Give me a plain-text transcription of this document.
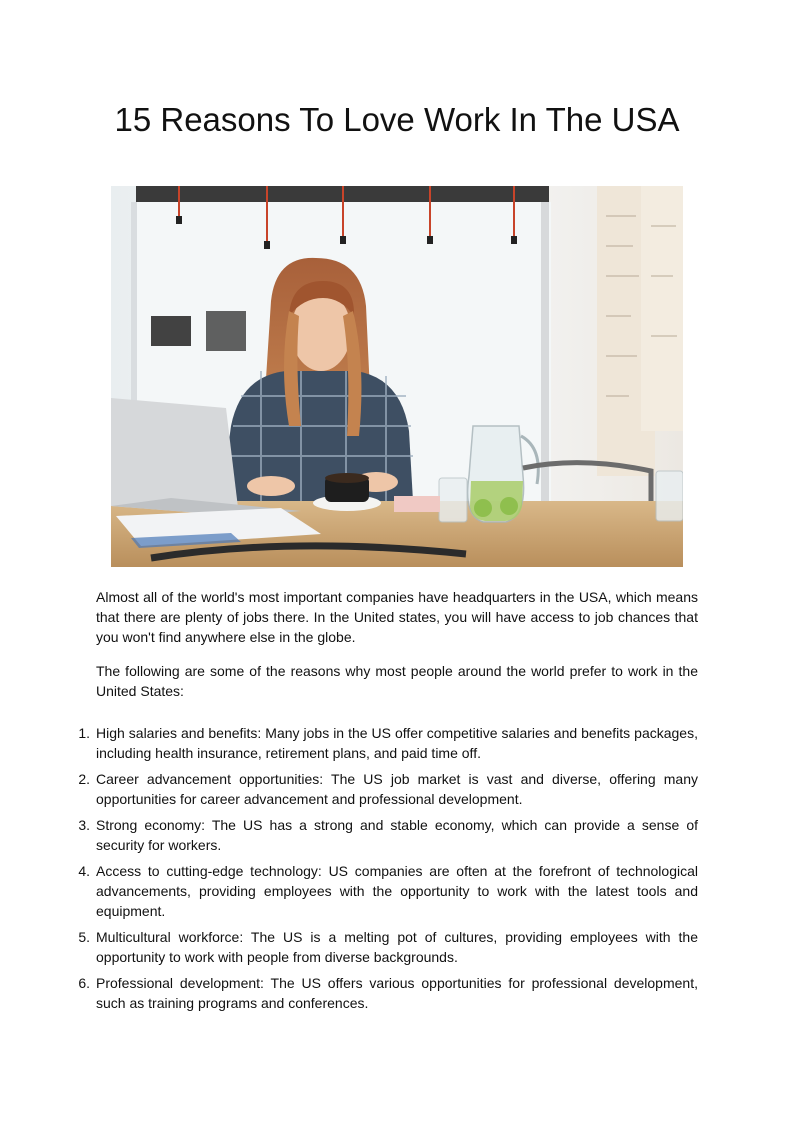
15 Reasons To Love Work In The USA

Almost all of the world's most important companies have headquarters in the USA, which means that there are plenty of jobs there. In the United states, you will have access to job chances that you won't find anywhere else in the globe.

The following are some of the reasons why most people around the world prefer to work in the United States:

1. High salaries and benefits: Many jobs in the US offer competitive salaries and benefits packages, including health insurance, retirement plans, and paid time off.
2. Career advancement opportunities: The US job market is vast and diverse, offering many opportunities for career advancement and professional development.
3. Strong economy: The US has a strong and stable economy, which can provide a sense of security for workers.
4. Access to cutting-edge technology: US companies are often at the forefront of technological advancements, providing employees with the opportunity to work with the latest tools and equipment.
5. Multicultural workforce: The US is a melting pot of cultures, providing employees with the opportunity to work with people from diverse backgrounds.
6. Professional development: The US offers various opportunities for professional development, such as training programs and conferences.
